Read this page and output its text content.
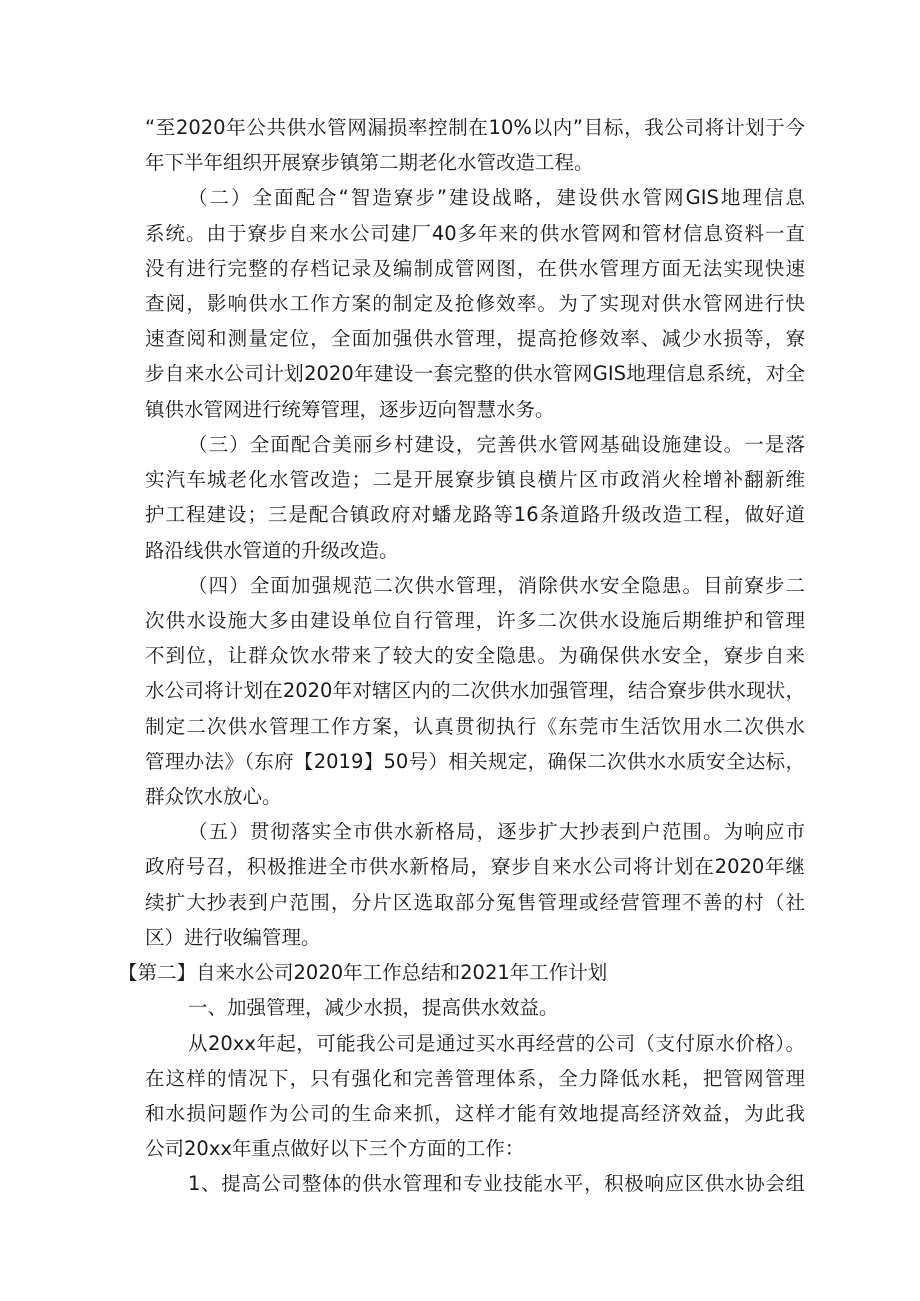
“至2020年公共供水管网漏损率控制在10%以内”目标，我公司将计划于今
年下半年组织开展寮步镇第二期老化水管改造工程。
（二）全面配合“智造寮步”建设战略，建设供水管网GIS地理信息
系统。由于寮步自来水公司建厂40多年来的供水管网和管材信息资料一直
没有进行完整的存档记录及编制成管网图，在供水管理方面无法实现快速
查阅，影响供水工作方案的制定及抢修效率。为了实现对供水管网进行快
速查阅和测量定位，全面加强供水管理，提高抢修效率、减少水损等，寮
步自来水公司计划2020年建设一套完整的供水管网GIS地理信息系统，对全
镇供水管网进行统筹管理，逐步迈向智慧水务。
（三）全面配合美丽乡村建设，完善供水管网基础设施建设。一是落
实汽车城老化水管改造；二是开展寮步镇良横片区市政消火栓增补翻新维
护工程建设；三是配合镇政府对蟠龙路等16条道路升级改造工程，做好道
路沿线供水管道的升级改造。
（四）全面加强规范二次供水管理，消除供水安全隐患。目前寮步二
次供水设施大多由建设单位自行管理，许多二次供水设施后期维护和管理
不到位，让群众饮水带来了较大的安全隐患。为确保供水安全，寮步自来
水公司将计划在2020年对辖区内的二次供水加强管理，结合寮步供水现状，
制定二次供水管理工作方案，认真贯彻执行《东莞市生活饮用水二次供水
管理办法》（东府【2019】50号）相关规定，确保二次供水水质安全达标，
群众饮水放心。
（五）贯彻落实全市供水新格局，逐步扩大抄表到户范围。为响应市
政府号召，积极推进全市供水新格局，寮步自来水公司将计划在2020年继
续扩大抄表到户范围，分片区选取部分冤售管理或经营管理不善的村（社
区）进行收编管理。
【第二】自来水公司2020年工作总结和2021年工作计划
一、加强管理，减少水损，提高供水效益。
从20xx年起，可能我公司是通过买水再经营的公司（支付原水价格）。
在这样的情况下，只有强化和完善管理体系，全力降低水耗，把管网管理
和水损问题作为公司的生命来抓，这样才能有效地提高经济效益，为此我
公司20xx年重点做好以下三个方面的工作：
1、提高公司整体的供水管理和专业技能水平，积极响应区供水协会组
